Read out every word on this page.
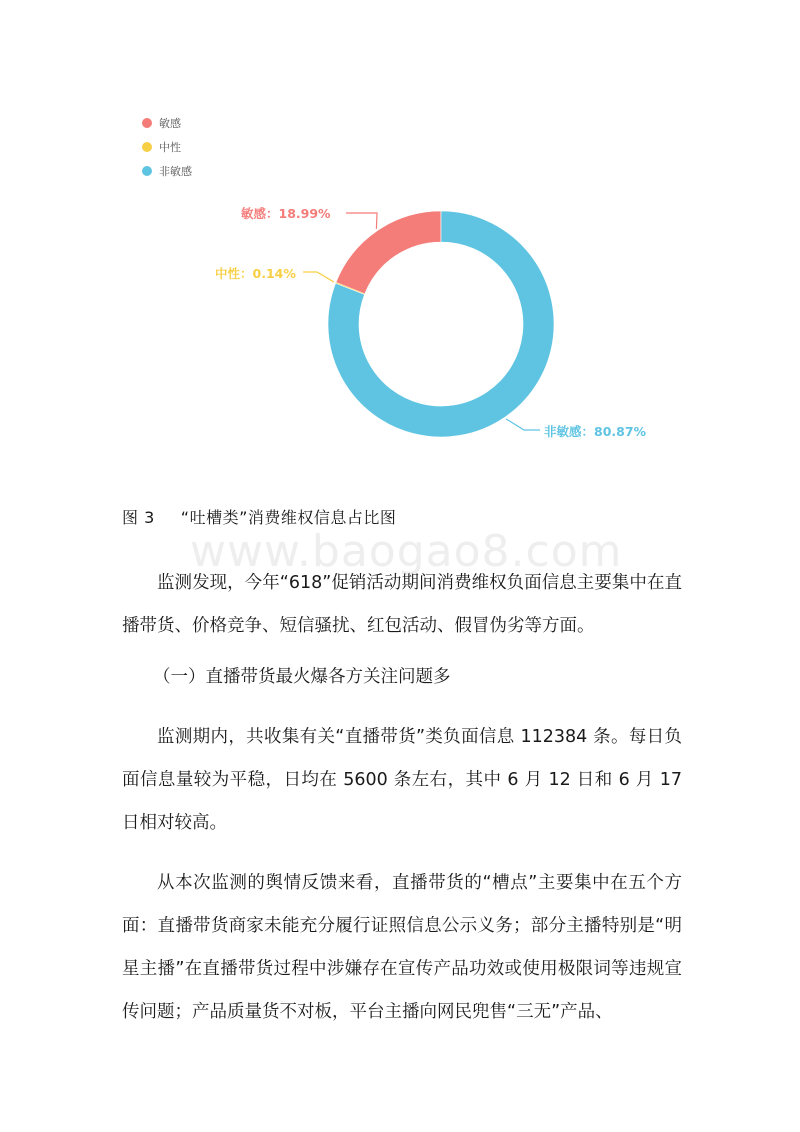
敏感
中性
非敏感
敏感：18.99%
中性：0.14%
非敏感：80.87%
图 3 “吐槽类”消费维权信息占比图
www.baogao8.com

监测发现，今年“618”促销活动期间消费维权负面信息主要集中在直播带货、价格竞争、短信骚扰、红包活动、假冒伪劣等方面。

（一）直播带货最火爆各方关注问题多

监测期内，共收集有关“直播带货”类负面信息 112384 条。每日负面信息量较为平稳，日均在 5600 条左右，其中 6 月 12 日和 6 月 17 日相对较高。

从本次监测的舆情反馈来看，直播带货的“槽点”主要集中在五个方面：直播带货商家未能充分履行证照信息公示义务；部分主播特别是“明星主播”在直播带货过程中涉嫌存在宣传产品功效或使用极限词等违规宣传问题；产品质量货不对板，平台主播向网民兜售“三无”产品、
